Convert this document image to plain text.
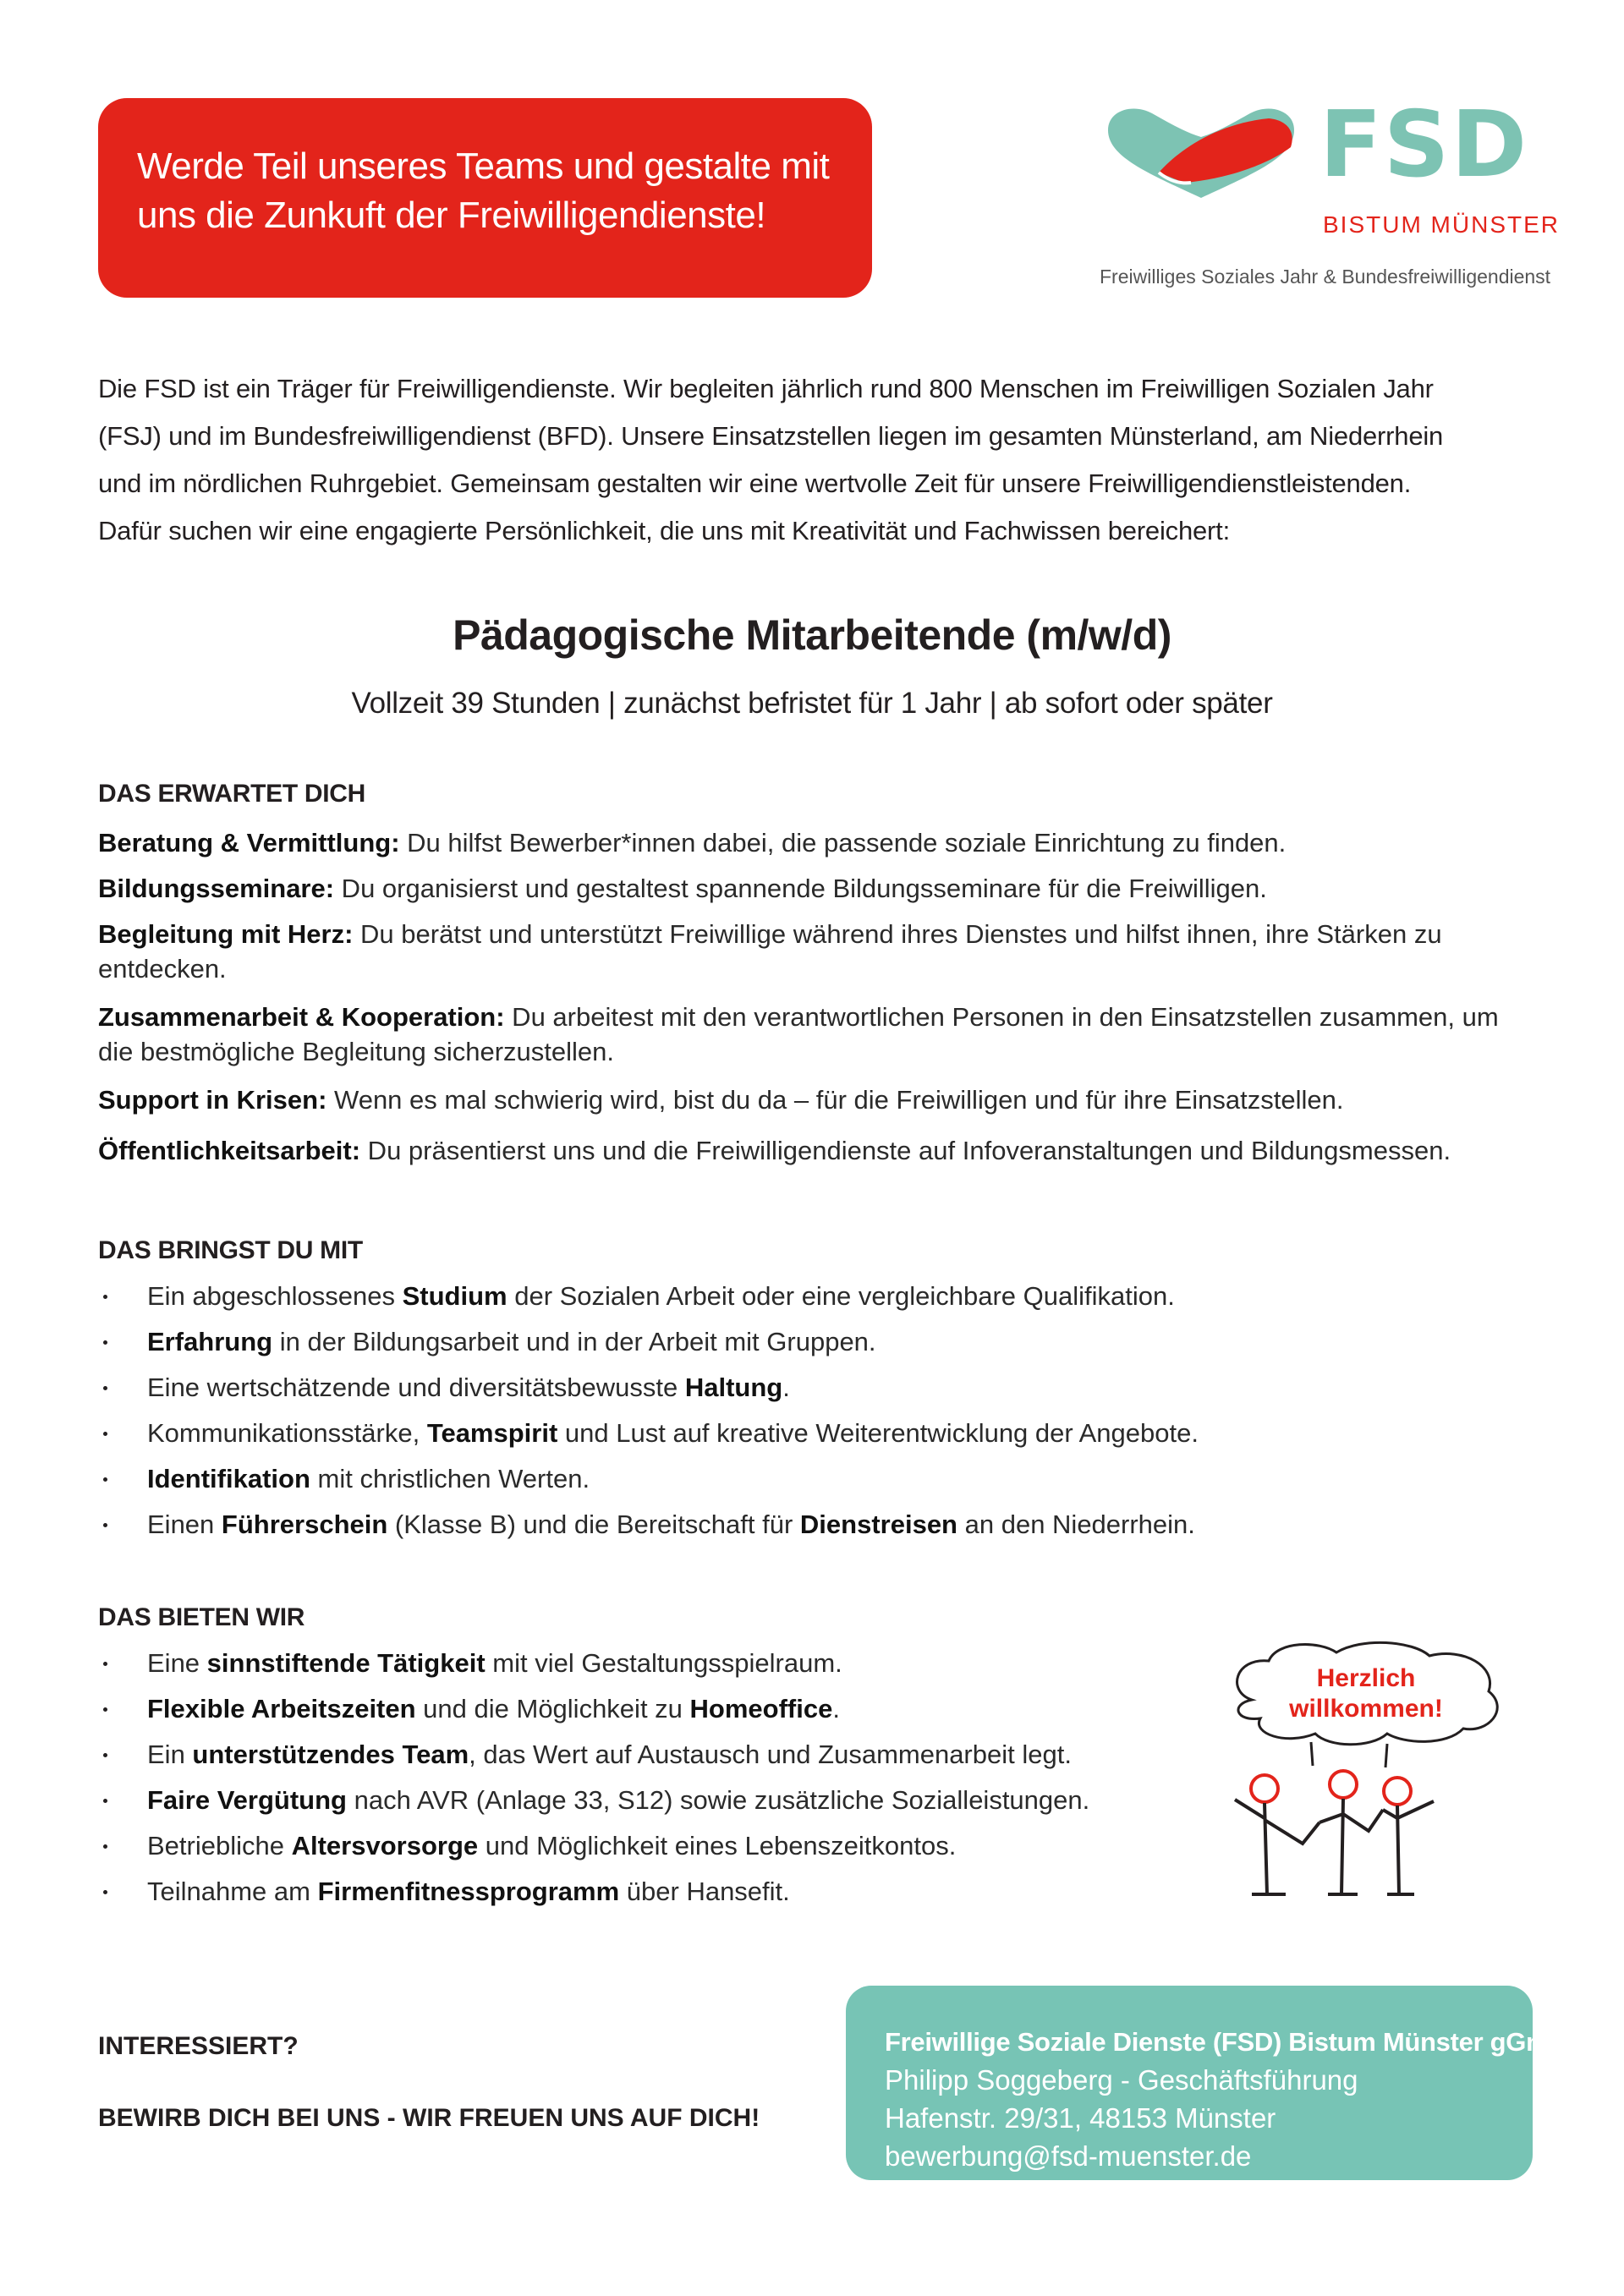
Werde Teil unseres Teams und gestalte mit
uns die Zunkuft der Freiwilligendienste!
FSD
BISTUM MÜNSTER
Freiwilliges Soziales Jahr & Bundesfreiwilligendienst
Die FSD ist ein Träger für Freiwilligendienste. Wir begleiten jährlich rund 800 Menschen im Freiwilligen Sozialen Jahr
(FSJ) und im Bundesfreiwilligendienst (BFD). Unsere Einsatzstellen liegen im gesamten Münsterland, am Niederrhein
und im nördlichen Ruhrgebiet. Gemeinsam gestalten wir eine wertvolle Zeit für unsere Freiwilligendienstleistenden.
Dafür suchen wir eine engagierte Persönlichkeit, die uns mit Kreativität und Fachwissen bereichert:
Pädagogische Mitarbeitende (m/w/d)
Vollzeit 39 Stunden | zunächst befristet für 1 Jahr | ab sofort oder später
DAS ERWARTET DICH
Beratung & Vermittlung: Du hilfst Bewerber*innen dabei, die passende soziale Einrichtung zu finden.
Bildungsseminare: Du organisierst und gestaltest spannende Bildungsseminare für die Freiwilligen.
Begleitung mit Herz: Du berätst und unterstützt Freiwillige während ihres Dienstes und hilfst ihnen, ihre Stärken zu entdecken.
Zusammenarbeit & Kooperation: Du arbeitest mit den verantwortlichen Personen in den Einsatzstellen zusammen, um die bestmögliche Begleitung sicherzustellen.
Support in Krisen: Wenn es mal schwierig wird, bist du da – für die Freiwilligen und für ihre Einsatzstellen.
Öffentlichkeitsarbeit: Du präsentierst uns und die Freiwilligendienste auf Infoveranstaltungen und Bildungsmessen.
DAS BRINGST DU MIT
Ein abgeschlossenes Studium der Sozialen Arbeit oder eine vergleichbare Qualifikation.
Erfahrung in der Bildungsarbeit und in der Arbeit mit Gruppen.
Eine wertschätzende und diversitätsbewusste Haltung.
Kommunikationsstärke, Teamspirit und Lust auf kreative Weiterentwicklung der Angebote.
Identifikation mit christlichen Werten.
Einen Führerschein (Klasse B) und die Bereitschaft für Dienstreisen an den Niederrhein.
DAS BIETEN WIR
Eine sinnstiftende Tätigkeit mit viel Gestaltungsspielraum.
Flexible Arbeitszeiten und die Möglichkeit zu Homeoffice.
Ein unterstützendes Team, das Wert auf Austausch und Zusammenarbeit legt.
Faire Vergütung nach AVR (Anlage 33, S12) sowie zusätzliche Sozialleistungen.
Betriebliche Altersvorsorge und Möglichkeit eines Lebenszeitkontos.
Teilnahme am Firmenfitnessprogramm über Hansefit.
Herzlich
willkommen!
INTERESSIERT?
BEWIRB DICH BEI UNS - WIR FREUEN UNS AUF DICH!
Freiwillige Soziale Dienste (FSD) Bistum Münster gGmbH
Philipp Soggeberg - Geschäftsführung
Hafenstr. 29/31, 48153 Münster
bewerbung@fsd-muenster.de
